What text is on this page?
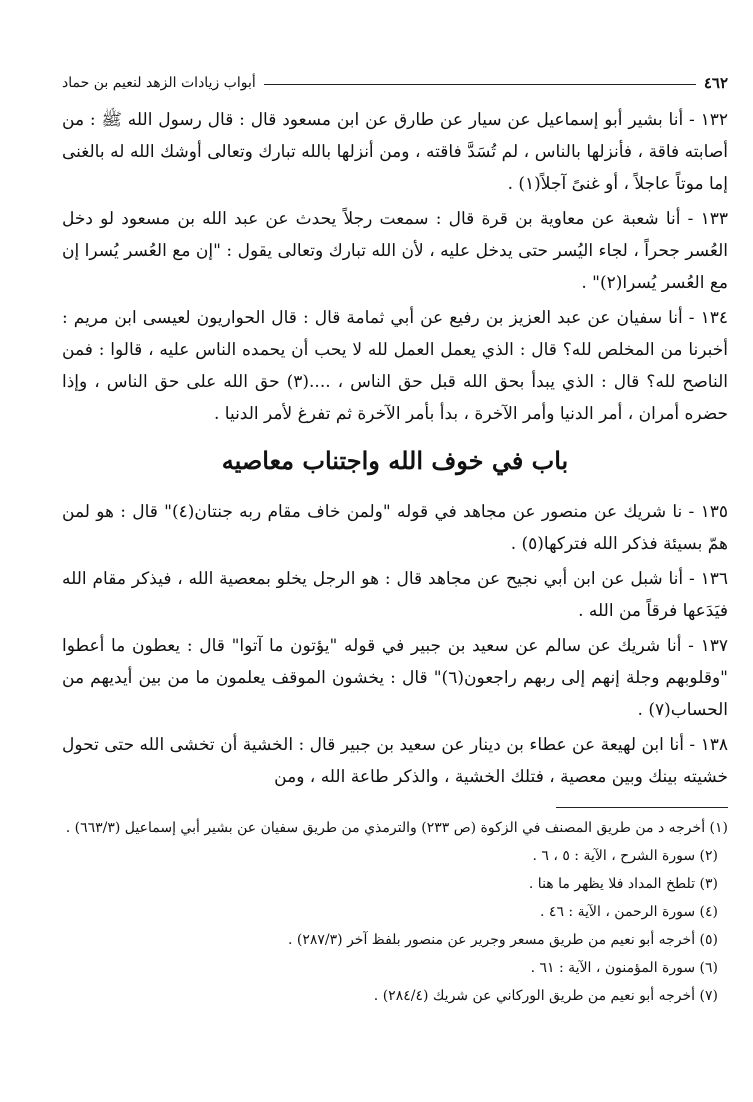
٤٦٢
أبواب زيادات الزهد لنعيم بن حماد

١٣٢ - أنا بشير أبو إسماعيل عن سيار عن طارق عن ابن مسعود قال : قال رسول الله ﷺ : من أصابته فاقة ، فأنزلها بالناس ، لم تُسَدَّ فاقته ، ومن أنزلها بالله تبارك وتعالى أوشك الله له بالغنى إما موتاً عاجلاً ، أو غنىً آجلاً(١) .

١٣٣ - أنا شعبة عن معاوية بن قرة قال : سمعت رجلاً يحدث عن عبد الله بن مسعود لو دخل العُسر جحراً ، لجاء اليُسر حتى يدخل عليه ، لأن الله تبارك وتعالى يقول : "إن مع العُسر يُسرا إن مع العُسر يُسرا(٢)" .

١٣٤ - أنا سفيان عن عبد العزيز بن رفيع عن أبي ثمامة قال : قال الحواريون لعيسى ابن مريم : أخبرنا من المخلص لله؟ قال : الذي يعمل العمل لله لا يحب أن يحمده الناس عليه ، قالوا : فمن الناصح لله؟ قال : الذي يبدأ بحق الله قبل حق الناس ، ....(٣) حق الله على حق الناس ، وإذا حضره أمران ، أمر الدنيا وأمر الآخرة ، بدأ بأمر الآخرة ثم تفرغ لأمر الدنيا .

باب في خوف الله واجتناب معاصيه

١٣٥ - نا شريك عن منصور عن مجاهد في قوله "ولمن خاف مقام ربه جنتان(٤)" قال : هو لمن همّ بسيئة فذكر الله فتركها(٥) .

١٣٦ - أنا شبل عن ابن أبي نجيح عن مجاهد قال : هو الرجل يخلو بمعصية الله ، فيذكر مقام الله فيَدَعها فرقاً من الله .

١٣٧ - أنا شريك عن سالم عن سعيد بن جبير في قوله "يؤتون ما آتوا" قال : يعطون ما أعطوا "وقلوبهم وجلة إنهم إلى ربهم راجعون(٦)" قال : يخشون الموقف يعلمون ما من بين أيديهم من الحساب(٧) .

١٣٨ - أنا ابن لهيعة عن عطاء بن دينار عن سعيد بن جبير قال : الخشية أن تخشى الله حتى تحول خشيته بينك وبين معصية ، فتلك الخشية ، والذكر طاعة الله ، ومن

(١) أخرجه د من طريق المصنف في الزكوة (ص ٢٣٣) والترمذي من طريق سفيان عن بشير أبي إسماعيل (٦٦٣/٣) .

(٢) سورة الشرح ، الآية : ٥ ، ٦ .

(٣) تلطخ المداد فلا يظهر ما هنا .

(٤) سورة الرحمن ، الآية : ٤٦ .

(٥) أخرجه أبو نعيم من طريق مسعر وجرير عن منصور بلفظ آخر (٢٨٧/٣) .

(٦) سورة المؤمنون ، الآية : ٦١ .

(٧) أخرجه أبو نعيم من طريق الوركاني عن شريك (٢٨٤/٤) .
